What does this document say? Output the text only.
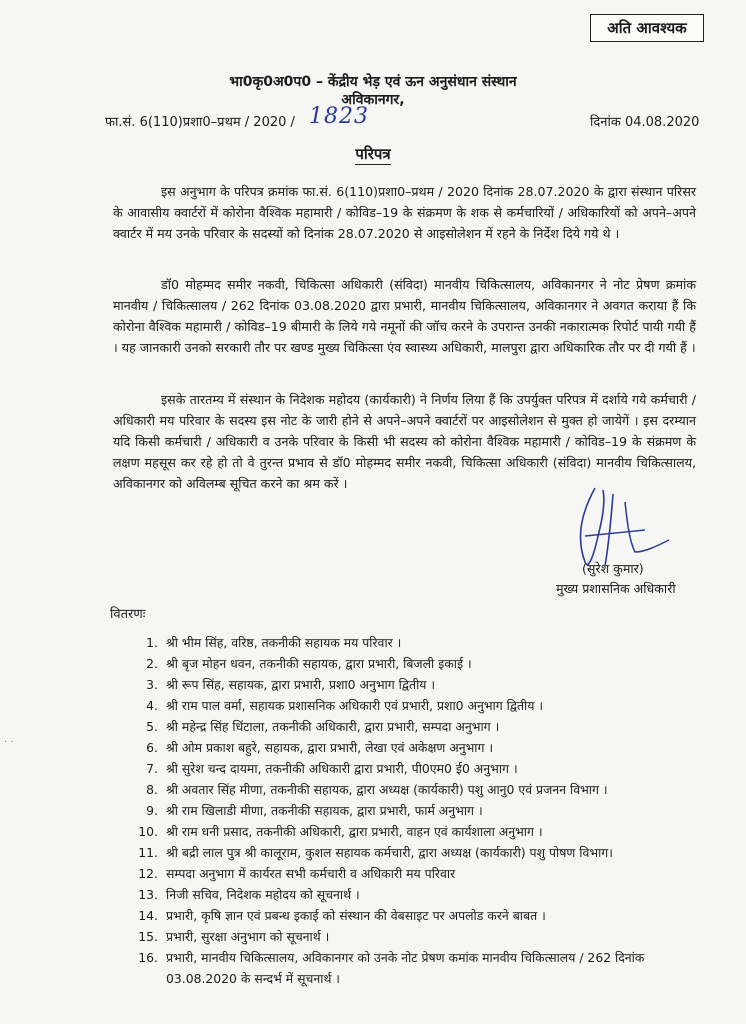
अति आवश्यक
भा0कृ0अ0प0 – केंद्रीय भेड़ एवं ऊन अनुसंधान संस्थान
अविकानगर,
फा.सं. 6(110)प्रशा0–प्रथम / 2020 / 1823	दिनांक 04.08.2020
परिपत्र

इस अनुभाग के परिपत्र क्रमांक फा.सं. 6(110)प्रशा0–प्रथम / 2020 दिनांक 28.07.2020 के द्वारा संस्थान परिसर के आवासीय क्वार्टरों में कोरोना वैश्विक महामारी / कोविड–19 के संक्रमण के शक से कर्मचारियों / अधिकारियों को अपने–अपने क्वार्टर में मय उनके परिवार के सदस्यों को दिनांक 28.07.2020 से आइसोलेशन में रहने के निर्देश दिये गये थे ।

डॉ0 मोहम्मद समीर नकवी, चिकित्सा अधिकारी (संविदा) मानवीय चिकित्सालय, अविकानगर ने नोट प्रेषण क्रमांक मानवीय / चिकित्सालय / 262 दिनांक 03.08.2020 द्वारा प्रभारी, मानवीय चिकित्सालय, अविकानगर ने अवगत कराया हैं कि कोरोना वैश्विक महामारी / कोविड–19 बीमारी के लिये गये नमूनों की जॉच करने के उपरान्त उनकी नकारात्मक रिपोर्ट पायी गयी हैं । यह जानकारी उनको सरकारी तौर पर खण्ड मुख्य चिकित्सा एंव स्वास्थ्य अधिकारी, मालपुरा द्वारा अधिकारिक तौर पर दी गयी हैं ।

इसके तारतम्य में संस्थान के निदेशक महोदय (कार्यकारी) ने निर्णय लिया हैं कि उपर्युक्त परिपत्र में दर्शाये गये कर्मचारी / अधिकारी मय परिवार के सदस्य इस नोट के जारी होने से अपने–अपने क्वार्टरों पर आइसोलेशन से मुक्त हो जायेगें । इस दरम्यान यदि किसी कर्मचारी / अधिकारी व उनके परिवार के किसी भी सदस्य को कोरोना वैश्विक महामारी / कोविड–19 के संक्रमण के लक्षण महसूस कर रहे हो तो वे तुरन्त प्रभाव से डॉ0 मोहम्मद समीर नकवी, चिकित्सा अधिकारी (संविदा) मानवीय चिकित्सालय, अविकानगर को अविलम्ब सूचित करने का श्रम करें ।

(सुरेश कुमार)
मुख्य प्रशासनिक अधिकारी
वितरणः
1. श्री भीम सिंह, वरिष्ठ, तकनीकी सहायक मय परिवार ।
2. श्री बृज मोहन धवन, तकनीकी सहायक, द्वारा प्रभारी, बिजली इकाई ।
3. श्री रूप सिंह, सहायक, द्वारा प्रभारी, प्रशा0 अनुभाग द्वितीय ।
4. श्री राम पाल वर्मा, सहायक प्रशासनिक अधिकारी एवं प्रभारी, प्रशा0 अनुभाग द्वितीय ।
5. श्री महेन्द्र सिंह धिंटाला, तकनीकी अधिकारी, द्वारा प्रभारी, सम्पदा अनुभाग ।
6. श्री ओम प्रकाश बहुरे, सहायक, द्वारा प्रभारी, लेखा एवं अकेक्षण अनुभाग ।
7. श्री सुरेश चन्द दायमा, तकनीकी अधिकारी द्वारा प्रभारी, पी0एम0 ई0 अनुभाग ।
8. श्री अवतार सिंह मीणा, तकनीकी सहायक, द्वारा अध्यक्ष (कार्यकारी) पशु आनु0 एवं प्रजनन विभाग ।
9. श्री राम खिलाडी मीणा, तकनीकी सहायक, द्वारा प्रभारी, फार्म अनुभाग ।
10. श्री राम धनी प्रसाद, तकनीकी अधिकारी, द्वारा प्रभारी, वाहन एवं कार्यशाला अनुभाग ।
11. श्री बद्री लाल पुत्र श्री कालूराम, कुशल सहायक कर्मचारी, द्वारा अध्यक्ष (कार्यकारी) पशु पोषण विभाग।
12. सम्पदा अनुभाग में कार्यरत सभी कर्मचारी व अधिकारी मय परिवार
13. निजी सचिव, निदेशक महोदय को सूचनार्थ ।
14. प्रभारी, कृषि ज्ञान एवं प्रबन्ध इकाई को संस्थान की वेबसाइट पर अपलोड करने बाबत ।
15. प्रभारी, सुरक्षा अनुभाग को सूचनार्थ ।
16. प्रभारी, मानवीय चिकित्सालय, अविकानगर को उनके नोट प्रेषण कमांक मानवीय चिकित्सालय / 262 दिनांक 03.08.2020 के सन्दर्भ में सूचनार्थ ।
· ·
